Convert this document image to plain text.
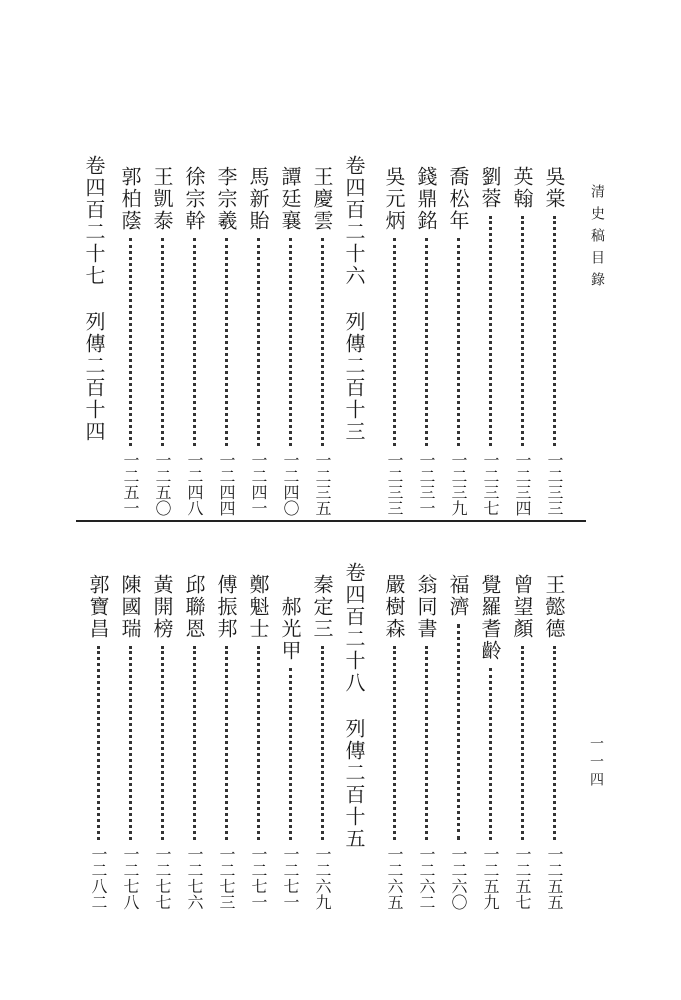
清史稿目錄
一一四
吳棠
一二三三
英翰
一二三四
劉蓉
一二三七
喬松年
一二三九
錢鼎銘
一二三一
吳元炳
一二三三
卷四百二十六列傳二百十三
王慶雲
一二三五
譚廷襄
一二四〇
馬新貽
一二四一
李宗羲
一二四四
徐宗幹
一二四八
王凱泰
一二五〇
郭柏蔭
一二五一
卷四百二十七列傳二百十四
王懿德
一二五五
曾望顏
一二五七
覺羅耆齡
一二五九
福濟
一二六〇
翁同書
一二六二
嚴樹森
一二六五
卷四百二十八列傳二百十五
秦定三
一二六九
郝光甲
一二七一
鄭魁士
一二七一
傅振邦
一二七三
邱聯恩
一二七六
黃開榜
一二七七
陳國瑞
一二七八
郭寶昌
一二八二
